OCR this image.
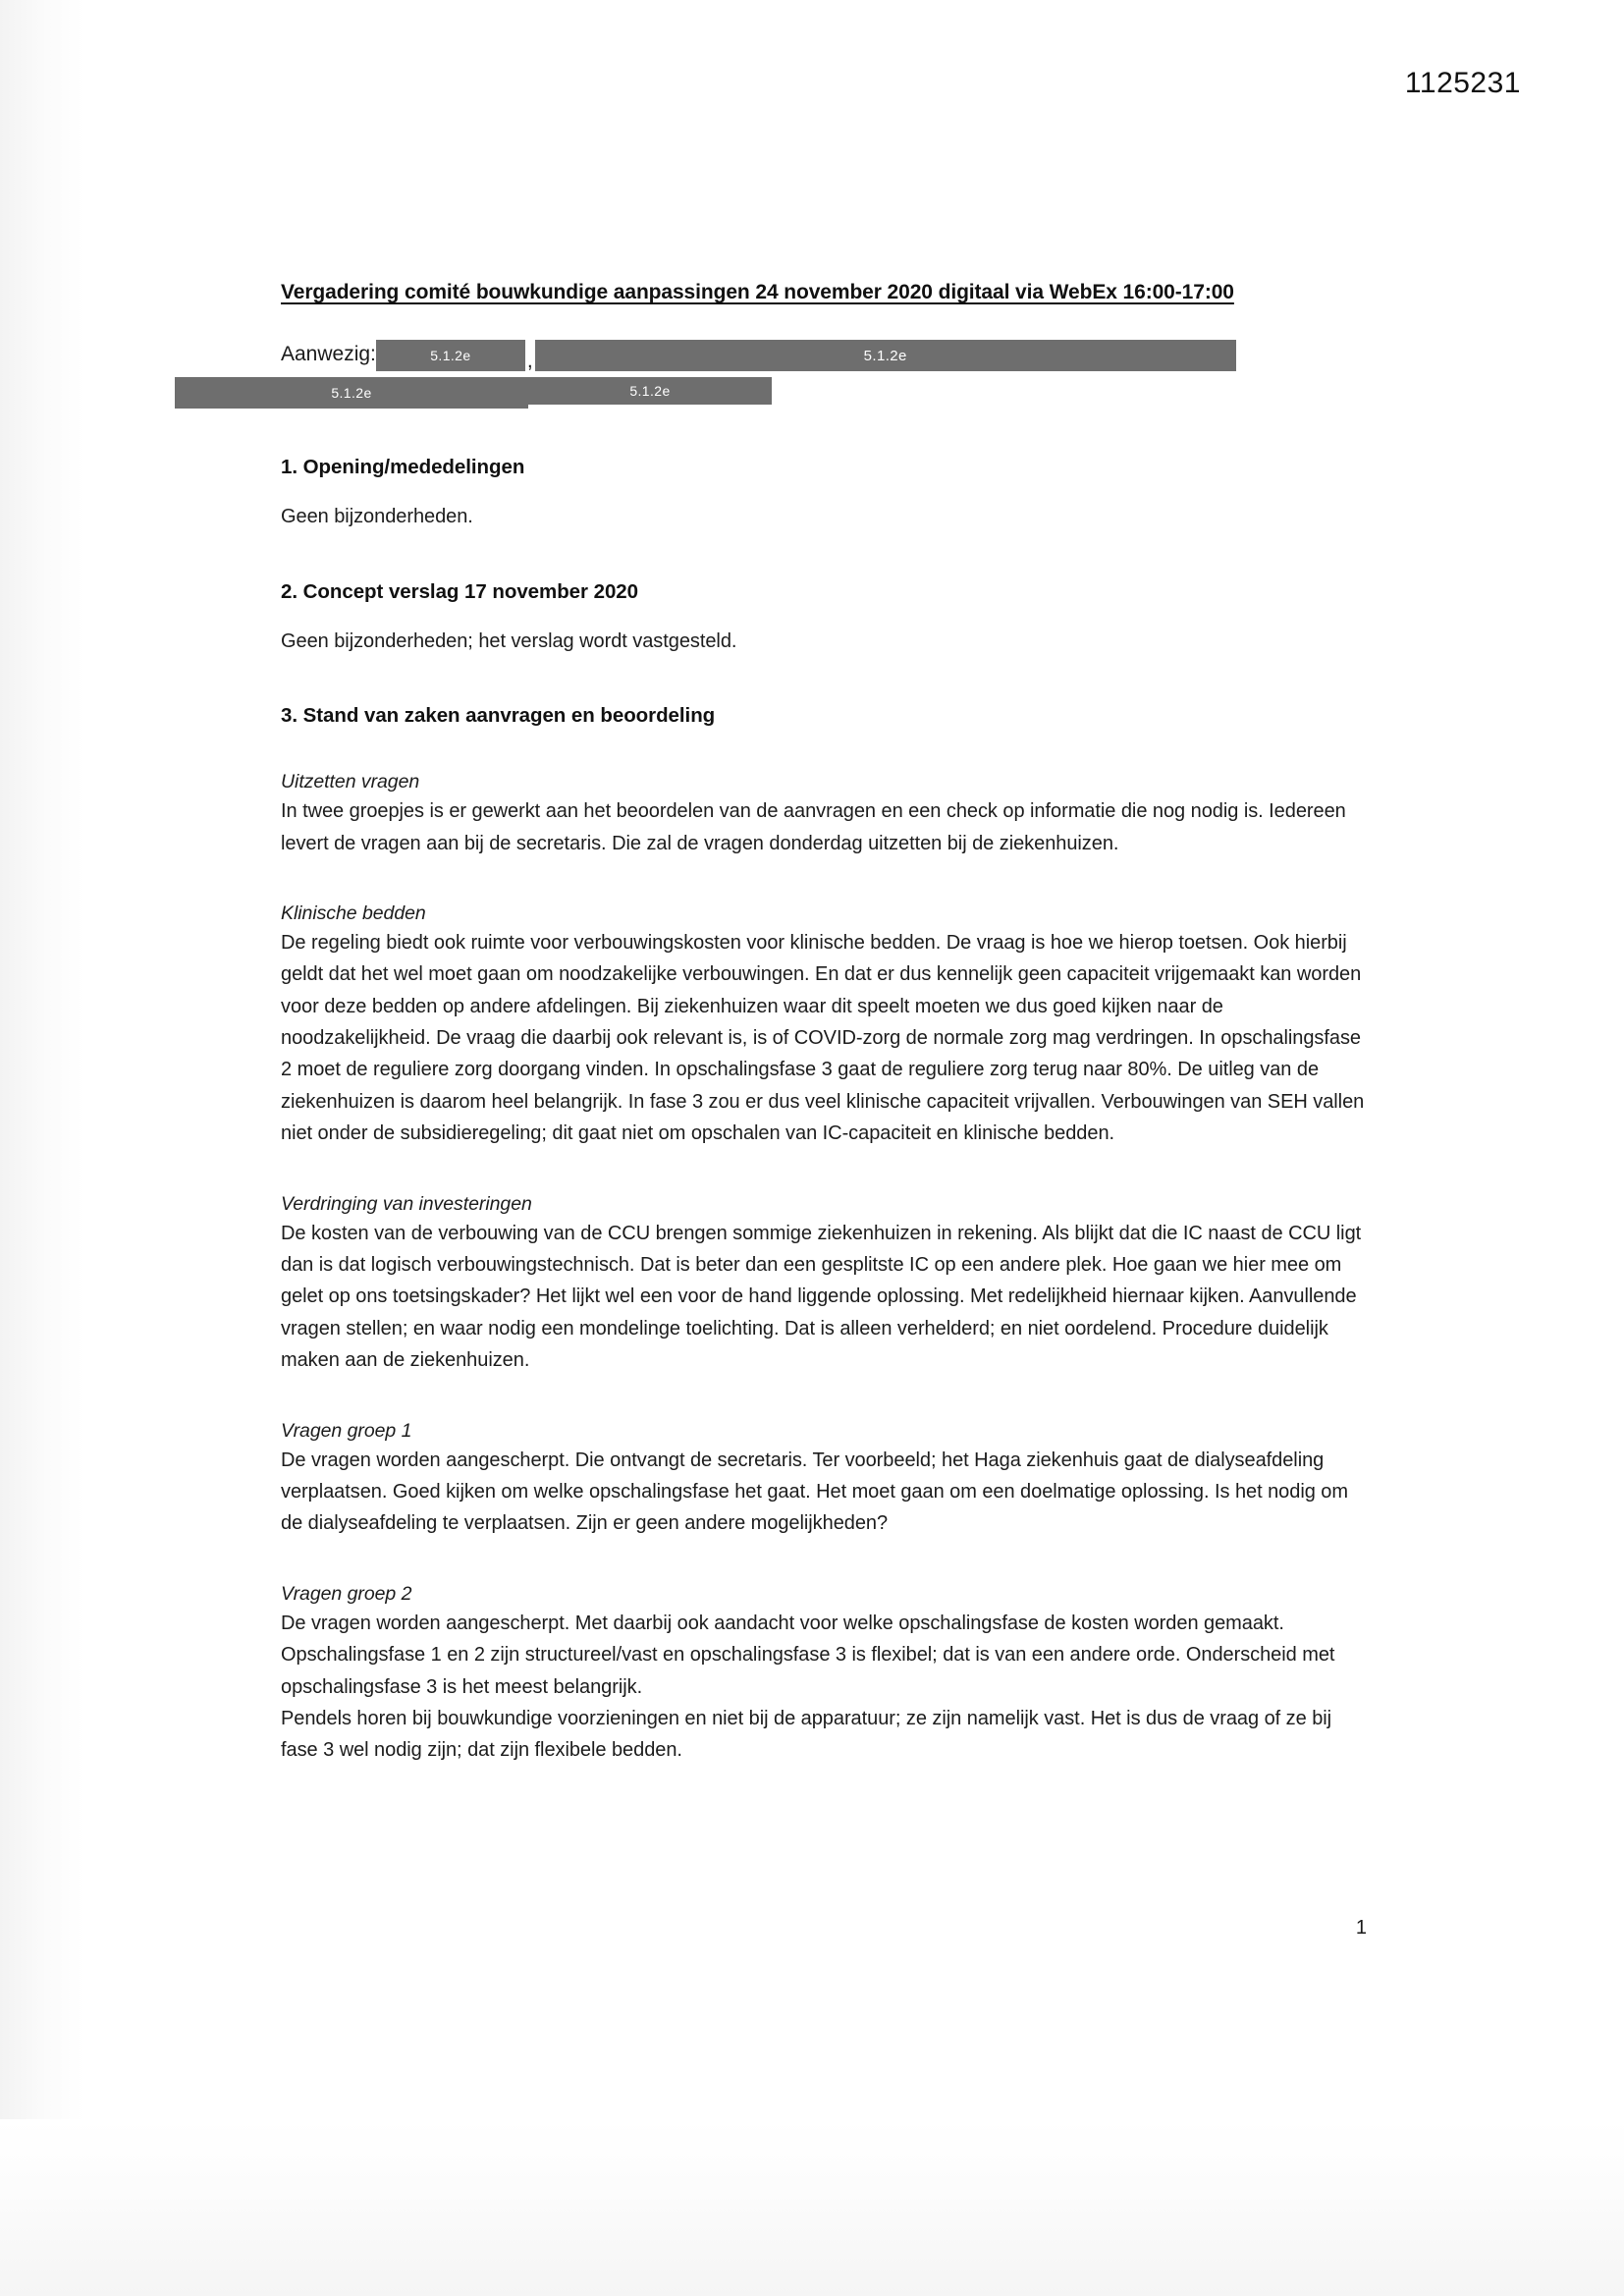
1125231
Vergadering comité bouwkundige aanpassingen 24 november 2020 digitaal via WebEx 16:00-17:00
Aanwezig:	5.1.2e	,	5.1.2e
5.1.2e	5.1.2e
1. Opening/mededelingen

Geen bijzonderheden.

2. Concept verslag 17 november 2020

Geen bijzonderheden; het verslag wordt vastgesteld.

3. Stand van zaken aanvragen en beoordeling
Uitzetten vragen

In twee groepjes is er gewerkt aan het beoordelen van de aanvragen en een check op informatie die nog nodig is. Iedereen levert de vragen aan bij de secretaris. Die zal de vragen donderdag uitzetten bij de ziekenhuizen.

Klinische bedden

De regeling biedt ook ruimte voor verbouwingskosten voor klinische bedden. De vraag is hoe we hierop toetsen. Ook hierbij geldt dat het wel moet gaan om noodzakelijke verbouwingen. En dat er dus kennelijk geen capaciteit vrijgemaakt kan worden voor deze bedden op andere afdelingen. Bij ziekenhuizen waar dit speelt moeten we dus goed kijken naar de noodzakelijkheid. De vraag die daarbij ook relevant is, is of COVID-zorg de normale zorg mag verdringen. In opschalingsfase 2 moet de reguliere zorg doorgang vinden. In opschalingsfase 3 gaat de reguliere zorg terug naar 80%. De uitleg van de ziekenhuizen is daarom heel belangrijk. In fase 3 zou er dus veel klinische capaciteit vrijvallen. Verbouwingen van SEH vallen niet onder de subsidieregeling; dit gaat niet om opschalen van IC-capaciteit en klinische bedden.

Verdringing van investeringen

De kosten van de verbouwing van de CCU brengen sommige ziekenhuizen in rekening. Als blijkt dat die IC naast de CCU ligt dan is dat logisch verbouwingstechnisch. Dat is beter dan een gesplitste IC op een andere plek. Hoe gaan we hier mee om gelet op ons toetsingskader? Het lijkt wel een voor de hand liggende oplossing. Met redelijkheid hiernaar kijken. Aanvullende vragen stellen; en waar nodig een mondelinge toelichting. Dat is alleen verhelderd; en niet oordelend. Procedure duidelijk maken aan de ziekenhuizen.

Vragen groep 1

De vragen worden aangescherpt. Die ontvangt de secretaris. Ter voorbeeld; het Haga ziekenhuis gaat de dialyseafdeling verplaatsen. Goed kijken om welke opschalingsfase het gaat. Het moet gaan om een doelmatige oplossing. Is het nodig om de dialyseafdeling te verplaatsen. Zijn er geen andere mogelijkheden?

Vragen groep 2

De vragen worden aangescherpt. Met daarbij ook aandacht voor welke opschalingsfase de kosten worden gemaakt. Opschalingsfase 1 en 2 zijn structureel/vast en opschalingsfase 3 is flexibel; dat is van een andere orde. Onderscheid met opschalingsfase 3 is het meest belangrijk.

Pendels horen bij bouwkundige voorzieningen en niet bij de apparatuur; ze zijn namelijk vast. Het is dus de vraag of ze bij fase 3 wel nodig zijn; dat zijn flexibele bedden.

1
